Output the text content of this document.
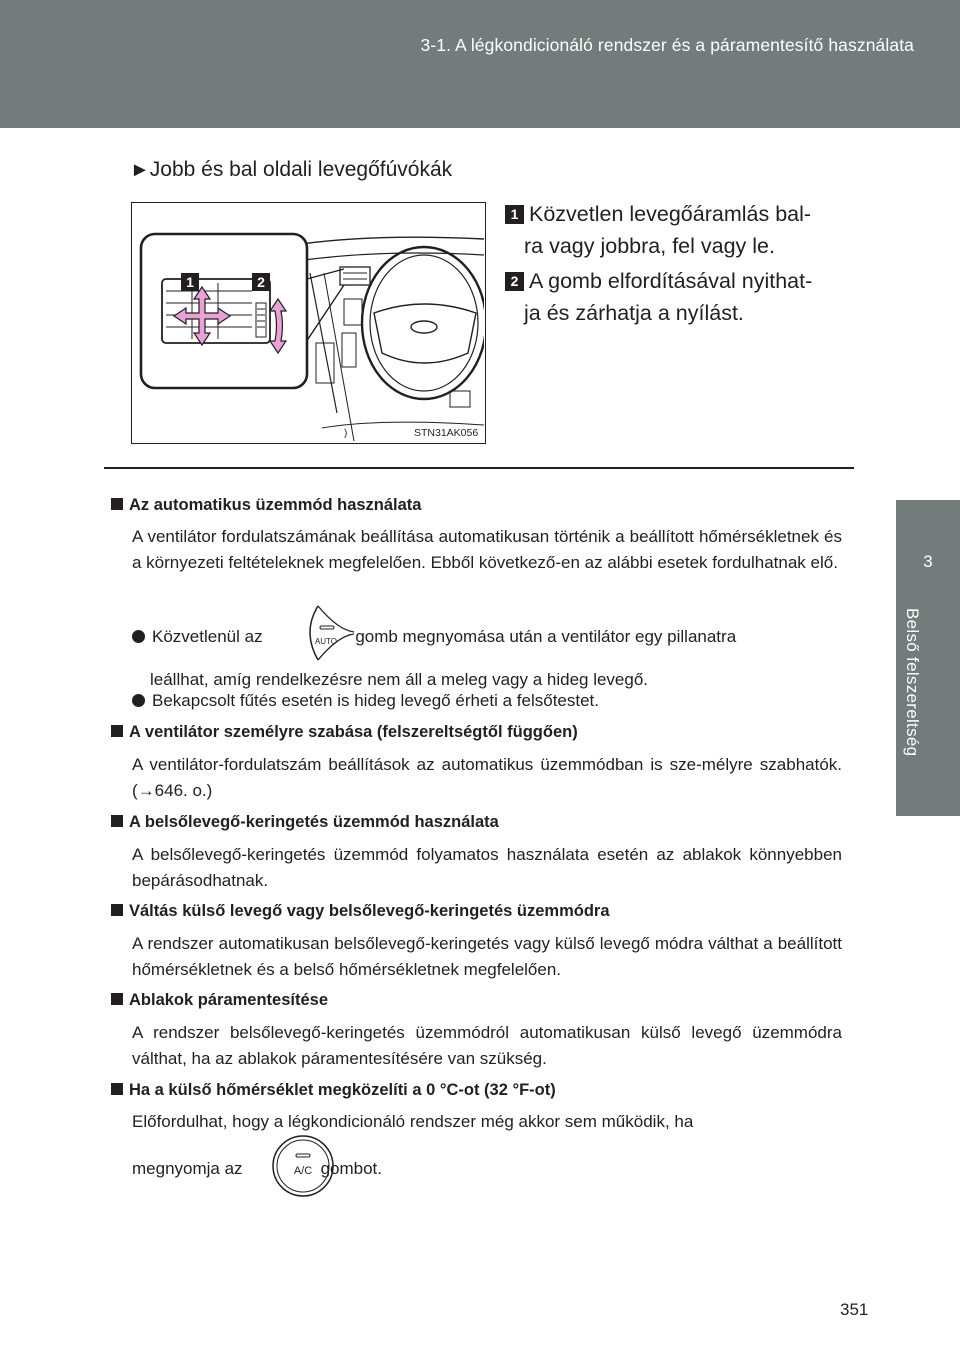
3-1. A légkondicionáló rendszer és a páramentesítő használata
3
Belső felszereltség
►Jobb és bal oldali levegőfúvókák
1	2
)	STN31AK056
1 Közvetlen levegőáramlás bal-
ra vagy jobbra, fel vagy le.
2 A gomb elfordításával nyithat-
ja és zárhatja a nyílást.
Az automatikus üzemmód használata
A ventilátor fordulatszámának beállítása automatikusan történik a beállított hőmérsékletnek és a környezeti feltételeknek megfelelően. Ebből következő-en az alábbi esetek fordulhatnak elő.
Közvetlenül az	gomb megnyomása után a ventilátor egy pillanatra
AUTO
leállhat, amíg rendelkezésre nem áll a meleg vagy a hideg levegő.
Bekapcsolt fűtés esetén is hideg levegő érheti a felsőtestet.
A ventilátor személyre szabása (felszereltségtől függően)
A ventilátor-fordulatszám beállítások az automatikus üzemmódban is sze-mélyre szabhatók. (→646. o.)
A belsőlevegő-keringetés üzemmód használata
A belsőlevegő-keringetés üzemmód folyamatos használata esetén az ablakok könnyebben bepárásodhatnak.
Váltás külső levegő vagy belsőlevegő-keringetés üzemmódra
A rendszer automatikusan belsőlevegő-keringetés vagy külső levegő módra válthat a beállított hőmérsékletnek és a belső hőmérsékletnek megfelelően.
Ablakok páramentesítése
A rendszer belsőlevegő-keringetés üzemmódról automatikusan külső levegő üzemmódra válthat, ha az ablakok páramentesítésére van szükség.
Ha a külső hőmérséklet megközelíti a 0 °C-ot (32 °F-ot)
Előfordulhat, hogy a légkondicionáló rendszer még akkor sem működik, ha
megnyomja az	gombot.
A/C
351
